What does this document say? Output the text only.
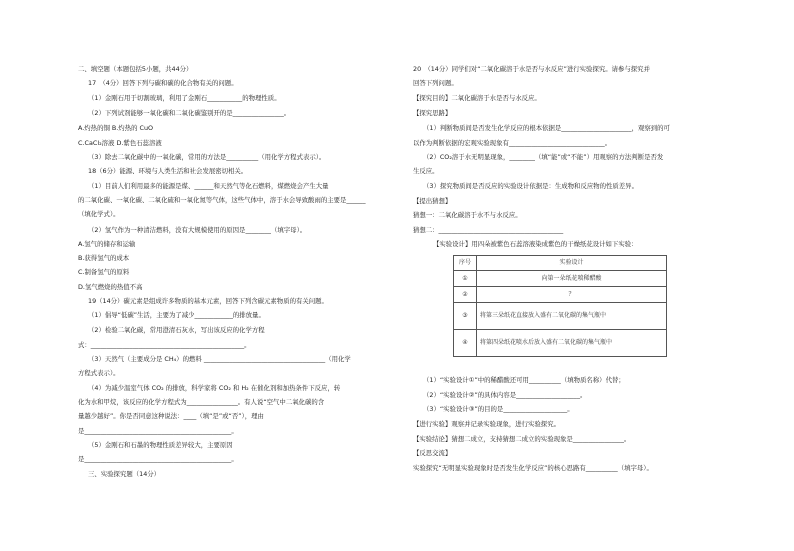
二、填空题（本题包括5小题，共44分）
17　（4分）回答下列与碳和碳的化合物有关的问题。
（1）金刚石用于切割玻璃，利用了金刚石___________的物理性质。
（2）下列试剂能够一氧化碳和二氧化碳鉴别开的是________________。
A.灼热的铜 B.灼热的 CuO
C.CaCl₂溶液 D.紫色石蕊溶液
（3）除去二氧化碳中的一氧化碳，常用的方法是__________（用化学方程式表示）。
18（6分）能源、环境与人类生活和社会发展密切相关。
（1）目前人们利用最多的能源是煤、______和天然气等化石燃料，煤燃烧会产生大量
的二氧化碳、一氧化碳、二氧化硫和一氧化氮等气体，这些气体中，溶于水会导致酸雨的主要是______
（填化学式）。
（2）氢气作为一种清洁燃料，没有大规模使用的原因是________（填字母）。
A.氢气的储存和运输
B.获得氢气的成本
C.制备氢气的原料
D.氢气燃烧的热值不高
19（14分）碳元素是组成许多物质的基本元素，回答下列含碳元素物质的有关问题。
（1）倡导“低碳”生活，主要为了减少____________的排放量。
（2）检验二氧化碳，常用澄清石灰水，写出该反应的化学方程
式：________________________________________________。
（3）天然气（主要成分是 CH₄）的燃料 ______________________________________（用化学
方程式表示）。
（4）为减少温室气体 CO₂ 的排放，科学家将 CO₂ 和 H₂ 在催化剂和加热条件下反应，转
化为水和甲烷，该反应的化学方程式为________________。有人说“空气中二氧化碳的含
量越少越好”。你是否同意这种说法：____（填“是”或“否”），理由
是______________________________________________。
（5）金刚石和石墨的物理性质差异较大，主要原因
是______________________________________________。
三、实验探究题（14分）
20　（14分）同学们对“二氧化碳溶于水是否与水反应”进行实验探究。请参与探究并
回答下列问题。
【探究目的】二氧化碳溶于水是否与水反应。
【探究思路】
（1）判断物质间是否发生化学反应的根本依据是______________________，观察到的可
以作为判断依据的宏观实验现象有______________________________。
（2）CO₂溶于水无明显现象，________（填“能”或“不能”）用观察的方法判断是否发
生反应。
（3）探究物质间是否反应的实验设计依据是：生成物和反应物的性质差异。
【提出猜想】
猜想一：二氧化碳溶于水不与水反应。
猜想二：_______________________________________
【实验设计】用四朵被紫色石蕊溶液染成紫色的干燥纸花设计如下实验：
序号	实验设计
①	向第一朵纸花喷稀醋酸
②	？
③	将第三朵纸花直接放入盛有二氧化碳的集气瓶中
④	将第四朵纸花喷水后放入盛有二氧化碳的集气瓶中
（1）“实验设计①”中的稀醋酸还可用__________（填物质名称）代替；
（2）“实验设计②”的具体内容是____________________。
（3）“实验设计③”的目的是____________________。
【进行实验】观察并记录实验现象，进行实验探究。
【实验结论】猜想二成立，支持猜想二成立的实验现象是________________。
【反思交流】
实验探究“无明显实验现象时是否发生化学反应”的核心思路有__________（填字母）。
